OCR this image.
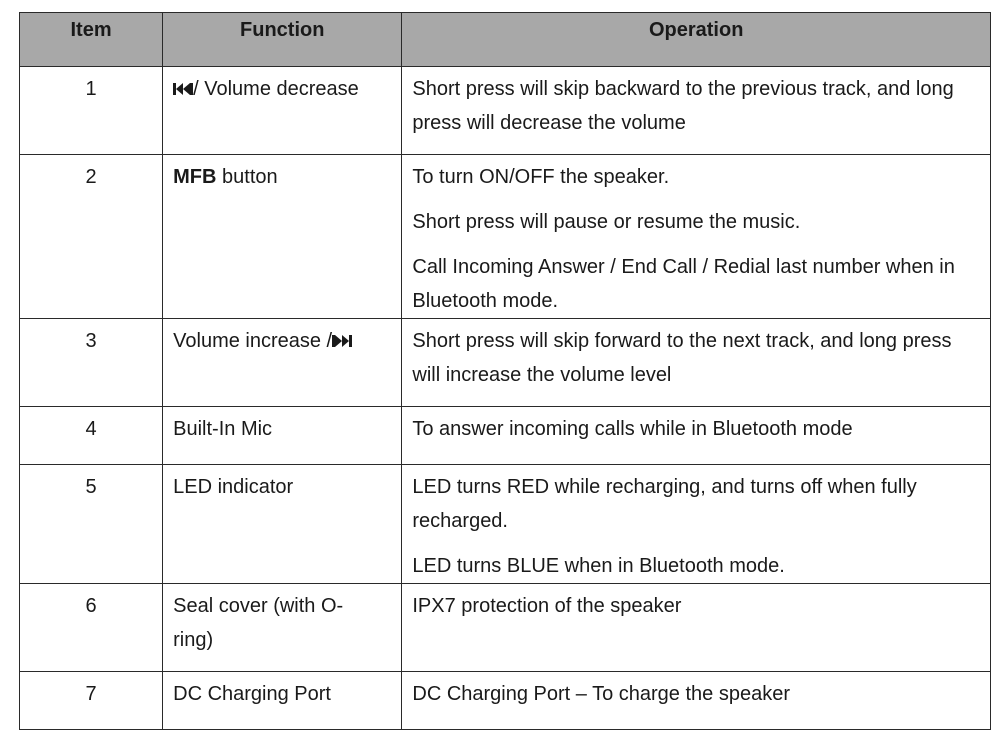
Item	Function	Operation
1	/ Volume decrease	Short press will skip backward to the previous track, and long press will decrease the volume

2	MFB button	To turn ON/OFF the speaker.

Short press will pause or resume the music.

Call Incoming Answer / End Call / Redial last number when in Bluetooth mode.

3	Volume increase /	Short press will skip forward to the next track, and long press will increase the volume level

4	Built-In Mic	To answer incoming calls while in Bluetooth mode

5	LED indicator	LED turns RED while recharging, and turns off when fully recharged.

LED turns BLUE when in Bluetooth mode.

6	Seal cover (with O-ring)	IPX7 protection of the speaker

7	DC Charging Port	DC Charging Port – To charge the speaker
